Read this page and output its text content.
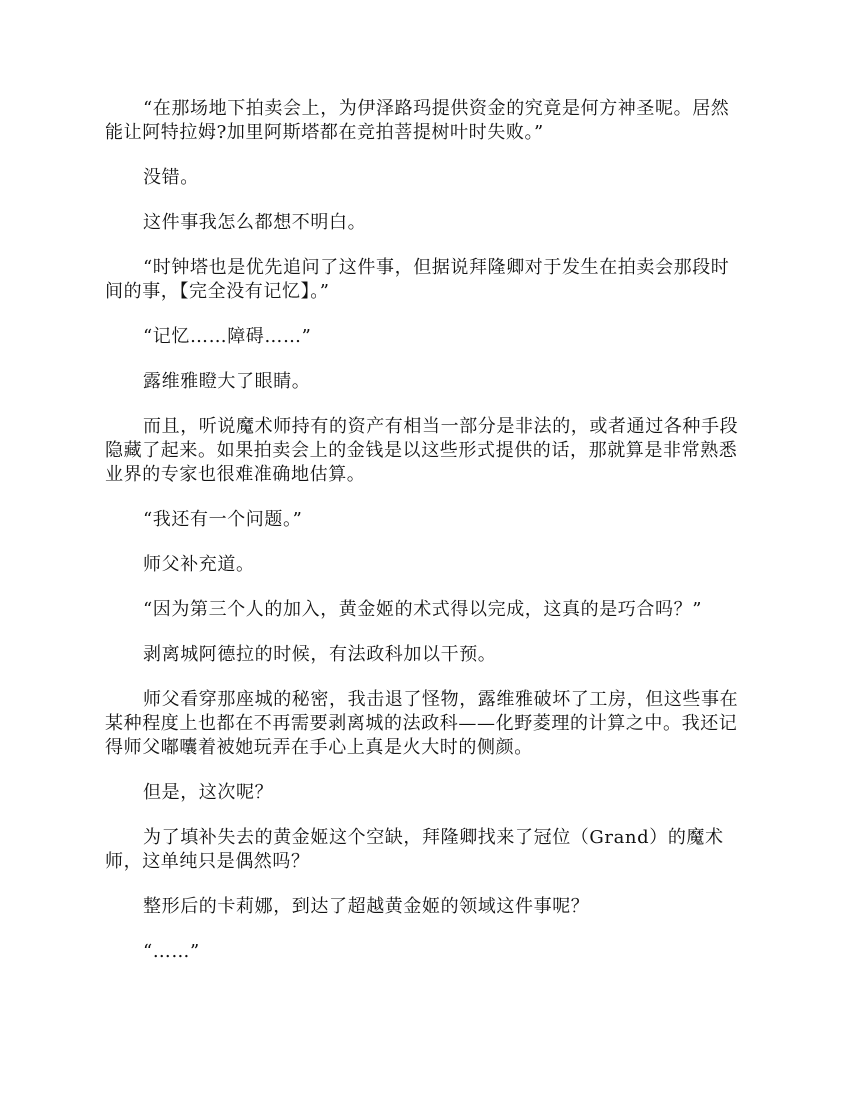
“在那场地下拍卖会上，为伊泽路玛提供资金的究竟是何方神圣呢。居然能让阿特拉姆?加里阿斯塔都在竞拍菩提树叶时失败。”

没错。

这件事我怎么都想不明白。

“时钟塔也是优先追问了这件事，但据说拜隆卿对于发生在拍卖会那段时间的事，【完全没有记忆】。”

“记忆……障碍……”

露维雅瞪大了眼睛。

而且，听说魔术师持有的资产有相当一部分是非法的，或者通过各种手段隐藏了起来。如果拍卖会上的金钱是以这些形式提供的话，那就算是非常熟悉业界的专家也很难准确地估算。

“我还有一个问题。”

师父补充道。

“因为第三个人的加入，黄金姬的术式得以完成，这真的是巧合吗？”

剥离城阿德拉的时候，有法政科加以干预。

师父看穿那座城的秘密，我击退了怪物，露维雅破坏了工房，但这些事在某种程度上也都在不再需要剥离城的法政科——化野菱理的计算之中。我还记得师父嘟囔着被她玩弄在手心上真是火大时的侧颜。

但是，这次呢？

为了填补失去的黄金姬这个空缺，拜隆卿找来了冠位（Grand）的魔术师，这单纯只是偶然吗？

整形后的卡莉娜，到达了超越黄金姬的领域这件事呢？

“……”
